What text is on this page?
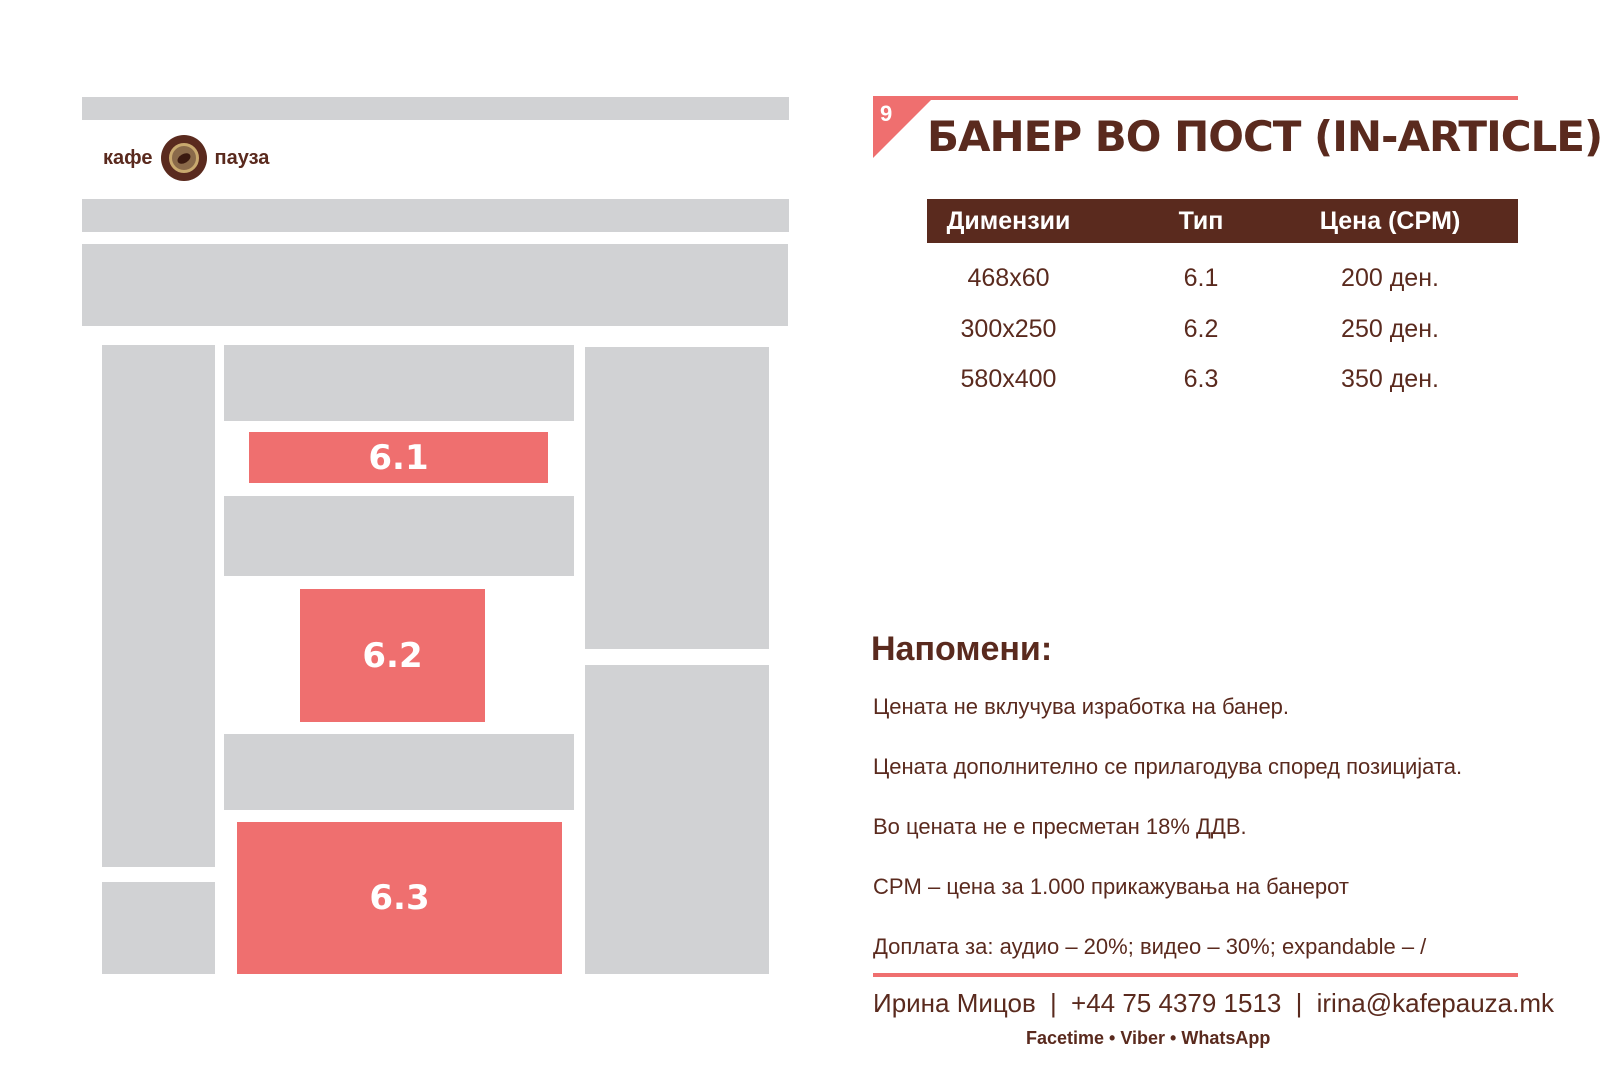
кафе	пауза
6.1
6.2
6.3
9 БАНЕР ВО ПОСТ (IN-ARTICLE)
Димензии	Тип	Цена (CPM)
468x60	6.1	200 ден.
300x250	6.2	250 ден.
580x400	6.3	350 ден.
Напомени:
Цената не вклучува изработка на банер.
Цената дополнително се прилагодува според позицијата.
Во цената не е пресметан 18% ДДВ.
CPM – цена за 1.000 прикажувања на банерот
Доплата за: аудио – 20%; видео – 30%; expandable – /
Ирина Мицов | +44 75 4379 1513 | irina@kafepauza.mk
Facetime • Viber • WhatsApp
